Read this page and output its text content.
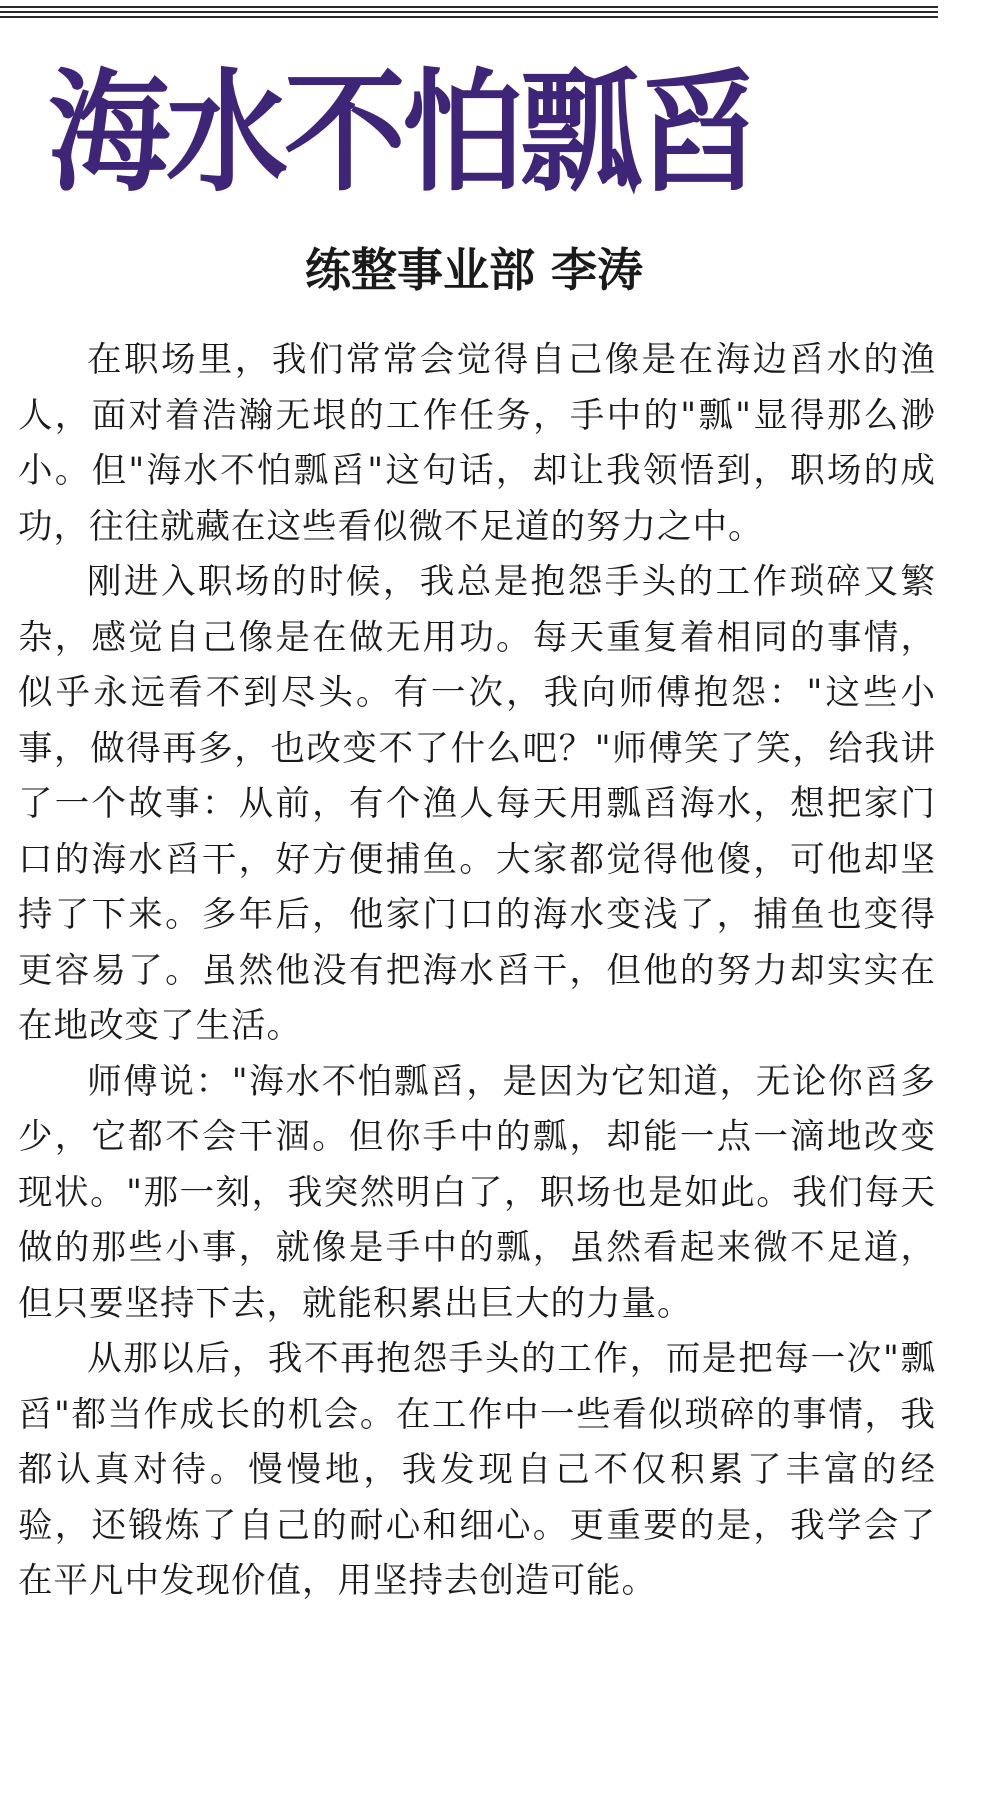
海水不怕瓢舀
练整事业部 李涛

在职场里，我们常常会觉得自己像是在海边舀水的渔人，面对着浩瀚无垠的工作任务，手中的"瓢"显得那么渺小。但"海水不怕瓢舀"这句话，却让我领悟到，职场的成功，往往就藏在这些看似微不足道的努力之中。

刚进入职场的时候，我总是抱怨手头的工作琐碎又繁杂，感觉自己像是在做无用功。每天重复着相同的事情，似乎永远看不到尽头。有一次，我向师傅抱怨："这些小事，做得再多，也改变不了什么吧？"师傅笑了笑，给我讲了一个故事：从前，有个渔人每天用瓢舀海水，想把家门口的海水舀干，好方便捕鱼。大家都觉得他傻，可他却坚持了下来。多年后，他家门口的海水变浅了，捕鱼也变得更容易了。虽然他没有把海水舀干，但他的努力却实实在在地改变了生活。

师傅说："海水不怕瓢舀，是因为它知道，无论你舀多少，它都不会干涸。但你手中的瓢，却能一点一滴地改变现状。"那一刻，我突然明白了，职场也是如此。我们每天做的那些小事，就像是手中的瓢，虽然看起来微不足道，但只要坚持下去，就能积累出巨大的力量。

从那以后，我不再抱怨手头的工作，而是把每一次"瓢舀"都当作成长的机会。在工作中一些看似琐碎的事情，我都认真对待。慢慢地，我发现自己不仅积累了丰富的经验，还锻炼了自己的耐心和细心。更重要的是，我学会了在平凡中发现价值，用坚持去创造可能。
